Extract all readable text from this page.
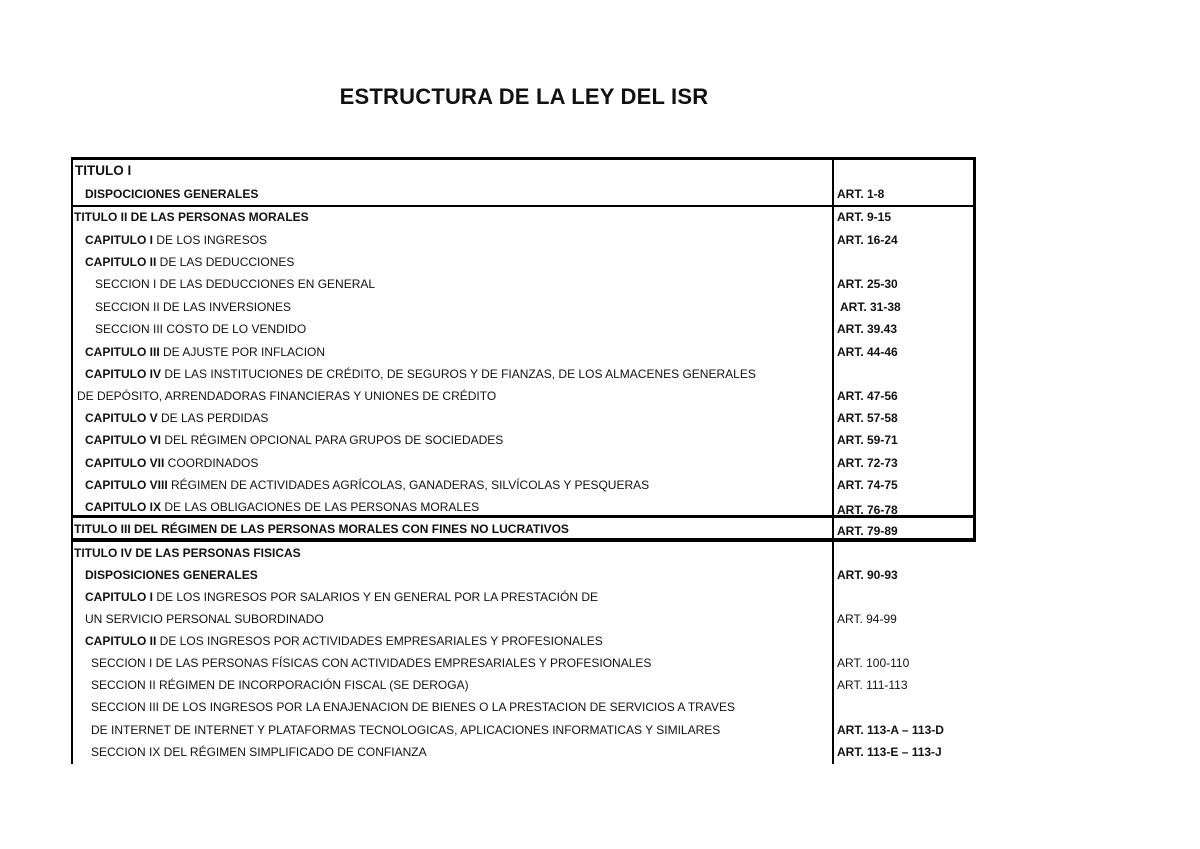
ESTRUCTURA DE LA LEY DEL ISR
TITULO I
DISPOCICIONES GENERALES	ART. 1-8
TITULO II DE LAS PERSONAS MORALES	ART. 9-15
CAPITULO I DE LOS INGRESOS	ART. 16-24
CAPITULO II DE LAS DEDUCCIONES
SECCION I DE LAS DEDUCCIONES EN GENERAL	ART. 25-30
SECCION II DE LAS INVERSIONES	ART. 31-38
SECCION III COSTO DE LO VENDIDO	ART. 39.43
CAPITULO III DE AJUSTE POR INFLACION	ART. 44-46
CAPITULO IV DE LAS INSTITUCIONES DE CRÉDITO, DE SEGUROS Y DE FIANZAS, DE LOS ALMACENES GENERALES
DE DEPÓSITO, ARRENDADORAS FINANCIERAS Y UNIONES DE CRÉDITO	ART. 47-56
CAPITULO V DE LAS PERDIDAS	ART. 57-58
CAPITULO VI DEL RÉGIMEN OPCIONAL PARA GRUPOS DE SOCIEDADES	ART. 59-71
CAPITULO VII COORDINADOS	ART. 72-73
CAPITULO VIII RÉGIMEN DE ACTIVIDADES AGRÍCOLAS, GANADERAS, SILVÍCOLAS Y PESQUERAS	ART. 74-75
CAPITULO IX DE LAS OBLIGACIONES DE LAS PERSONAS MORALES	ART. 76-78
TITULO III DEL RÉGIMEN DE LAS PERSONAS MORALES CON FINES NO LUCRATIVOS	ART. 79-89
TITULO IV DE LAS PERSONAS FISICAS
DISPOSICIONES GENERALES	ART. 90-93
CAPITULO I DE LOS INGRESOS POR SALARIOS Y EN GENERAL POR LA PRESTACIÓN DE
UN SERVICIO PERSONAL SUBORDINADO	ART. 94-99
CAPITULO II DE LOS INGRESOS POR ACTIVIDADES EMPRESARIALES Y PROFESIONALES
SECCION I DE LAS PERSONAS FÍSICAS CON ACTIVIDADES EMPRESARIALES Y PROFESIONALES	ART. 100-110
SECCION II RÉGIMEN DE INCORPORACIÓN FISCAL (SE DEROGA)	ART. 111-113
SECCION III DE LOS INGRESOS POR LA ENAJENACION DE BIENES O LA PRESTACION DE SERVICIOS A TRAVES
DE INTERNET DE INTERNET Y PLATAFORMAS TECNOLOGICAS, APLICACIONES INFORMATICAS Y SIMILARES	ART. 113-A – 113-D
SECCION IX DEL RÉGIMEN SIMPLIFICADO DE CONFIANZA	ART. 113-E – 113-J
